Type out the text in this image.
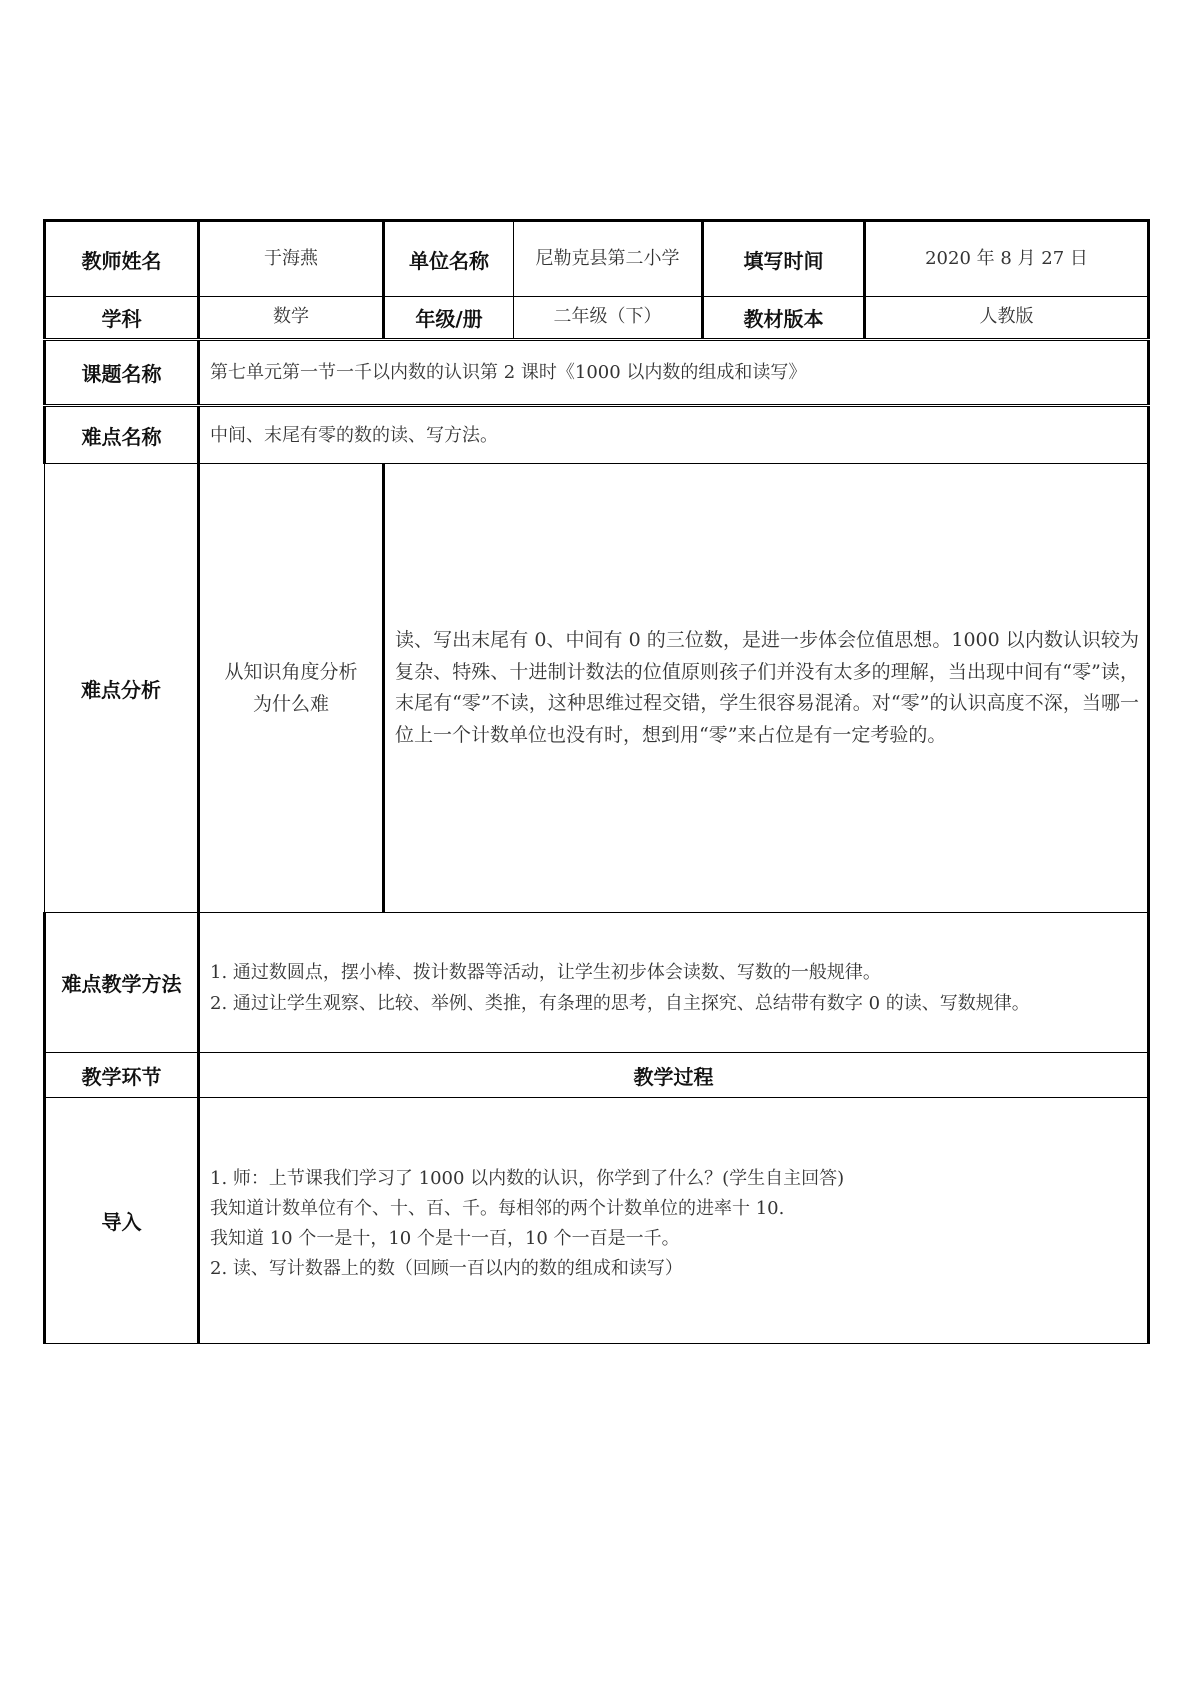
教师姓名	于海燕	单位名称	尼勒克县第二小学	填写时间	2020 年 8 月 27 日
学科	数学	年级/册	二年级（下）	教材版本	人教版
课题名称	第七单元第一节一千以内数的认识第 2 课时《1000 以内数的组成和读写》				
难点名称	中间、末尾有零的数的读、写方法。				
难点分析	从知识角度分析为什么难	读、写出末尾有 0、中间有 0 的三位数，是进一步体会位值思想。1000 以内数认识较为复杂、特殊、十进制计数法的位值原则孩子们并没有太多的理解，当出现中间有“零”读，末尾有“零”不读，这种思维过程交错，学生很容易混淆。对“零”的认识高度不深，当哪一位上一个计数单位也没有时，想到用“零”来占位是有一定考验的。			
难点教学方法	1. 通过数圆点，摆小棒、拨计数器等活动，让学生初步体会读数、写数的一般规律。
2. 通过让学生观察、比较、举例、类推，有条理的思考，自主探究、总结带有数字 0 的读、写数规律。				

教学环节	教学过程				
导入	1. 师：上节课我们学习了 1000 以内数的认识，你学到了什么？(学生自主回答)
我知道计数单位有个、十、百、千。每相邻的两个计数单位的进率十 10.
我知道 10 个一是十，10 个是十一百，10 个一百是一千。
2. 读、写计数器上的数（回顾一百以内的数的组成和读写）				
